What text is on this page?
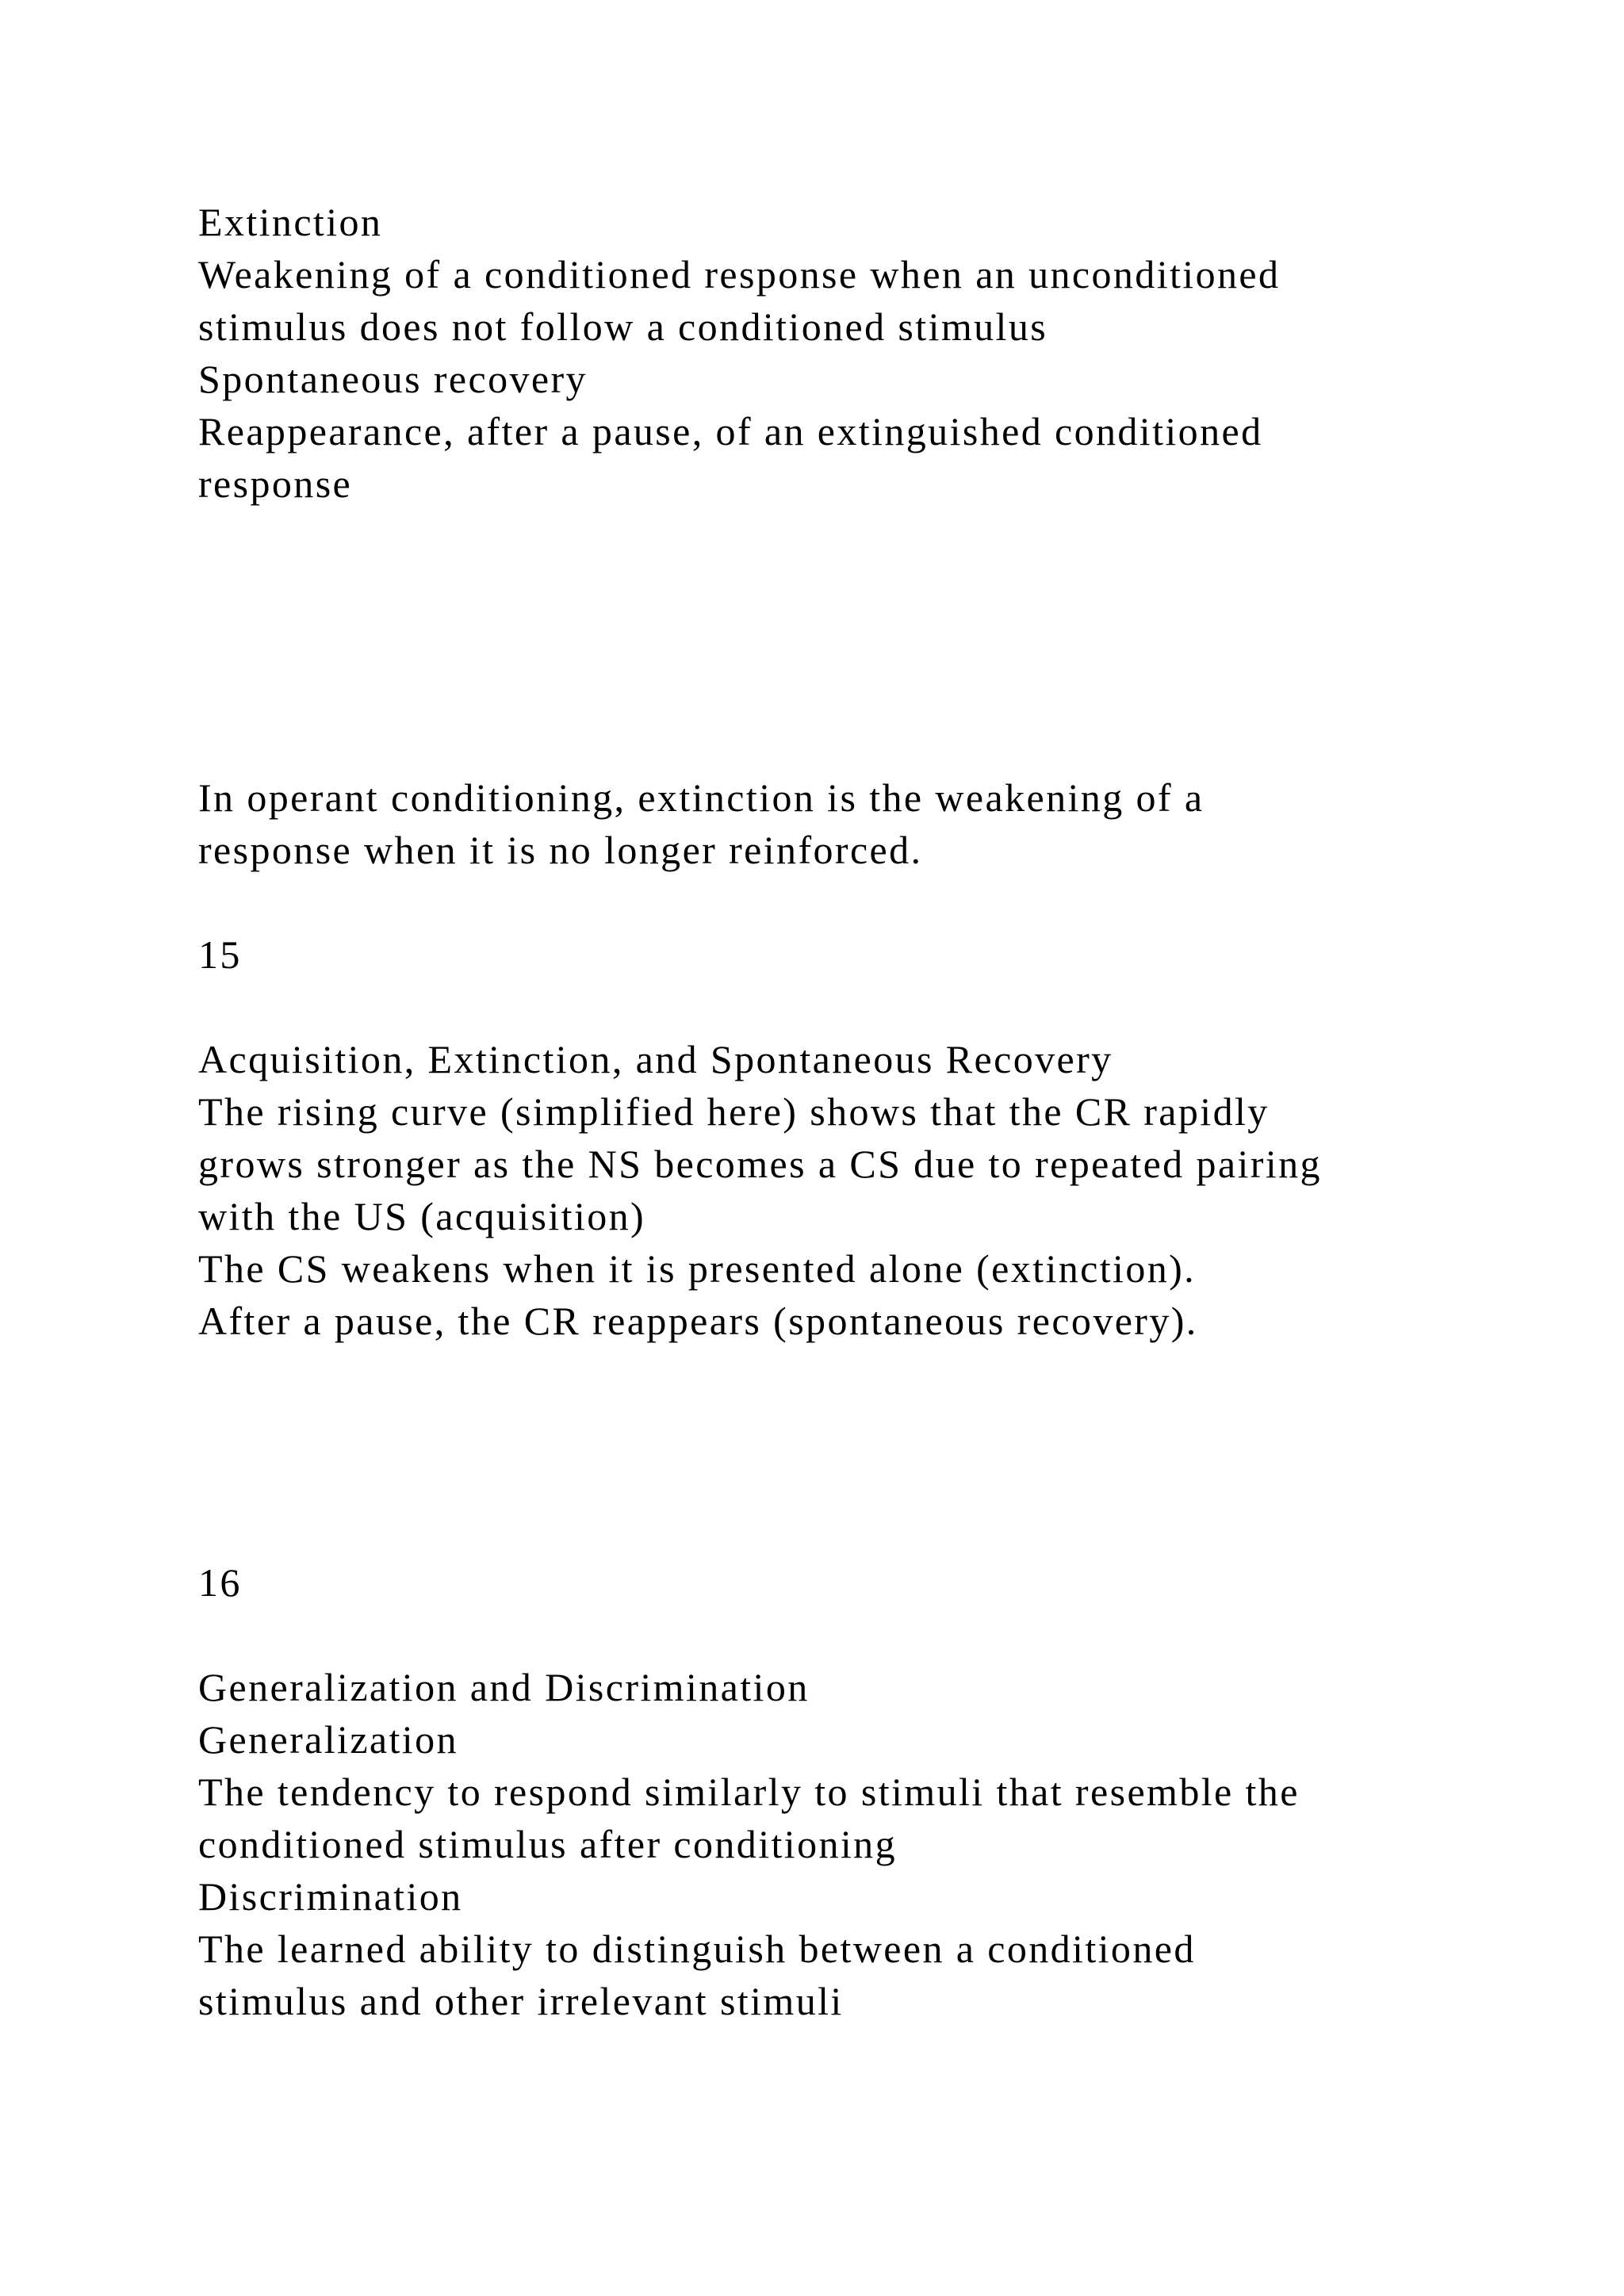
Extinction
Weakening of a conditioned response when an unconditioned
stimulus does not follow a conditioned stimulus
Spontaneous recovery
Reappearance, after a pause, of an extinguished conditioned
response
In operant conditioning, extinction is the weakening of a
response when it is no longer reinforced.
15
Acquisition, Extinction, and Spontaneous Recovery
The rising curve (simplified here) shows that the CR rapidly
grows stronger as the NS becomes a CS due to repeated pairing
with the US (acquisition)
The CS weakens when it is presented alone (extinction).
After a pause, the CR reappears (spontaneous recovery).
16
Generalization and Discrimination
Generalization
The tendency to respond similarly to stimuli that resemble the
conditioned stimulus after conditioning
Discrimination
The learned ability to distinguish between a conditioned
stimulus and other irrelevant stimuli
